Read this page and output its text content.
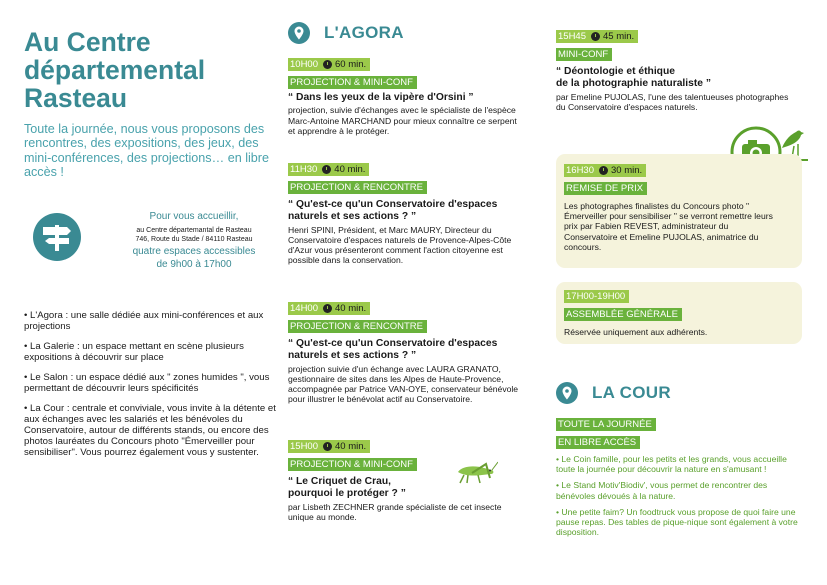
Au Centre
départemental
Rasteau
Toute la journée, nous vous proposons des rencontres, des expositions, des jeux, des mini-conférences, des projections… en libre accès !
Pour vous accueillir,
au Centre départemantal de Rasteau
746, Route du Stade / 84110 Rasteau
quatre espaces accessibles
de 9h00 à 17h00
• L'Agora : une salle dédiée aux mini-conférences et aux projections
• La Galerie : un espace mettant en scène plusieurs expositions à découvrir sur place
• Le Salon : un espace dédié aux " zones humides ", vous permettant de découvrir leurs spécificités
• La Cour : centrale et conviviale, vous invite à la détente et aux échanges avec les salariés et les bénévoles du Conservatoire, autour de différents stands, ou encore des photos lauréates du Concours photo "Émerveiller pour sensibiliser". Vous pourrez également vous y sustenter.
L'AGORA
10H00 60 min.

PROJECTION & MINI-CONF
“ Dans les yeux de la vipère d'Orsini ”
projection, suivie d'échanges avec le spécialiste de l'espèce Marc-Antoine MARCHAND pour mieux connaître ce serpent et apprendre à le protéger.
11H30 40 min.

PROJECTION & RENCONTRE
“ Qu'est-ce qu'un Conservatoire d'espaces naturels et ses actions ? ”
Henri SPINI, Président, et Marc MAURY, Directeur du Conservatoire d'espaces naturels de Provence-Alpes-Côte d'Azur vous présenteront comment l'action citoyenne est possible dans la conservation.
14H00 40 min.

PROJECTION & RENCONTRE
“ Qu'est-ce qu'un Conservatoire d'espaces naturels et ses actions ? ”
projection suivie d'un échange avec LAURA GRANATO, gestionnaire de sites dans les Alpes de Haute-Provence, accompagnée par Patrice VAN-OYE, conservateur bénévole pour illustrer le bénévolat actif au Conservatoire.
15H00 40 min.

PROJECTION & MINI-CONF
“ Le Criquet de Crau,
pourquoi le protéger ? ”
par Lisbeth ZECHNER grande spécialiste de cet insecte unique au monde.
15H45 45 min.

MINI-CONF
“ Déontologie et éthique
de la photographie naturaliste ”
par Emeline PUJOLAS, l'une des talentueuses photographes du Conservatoire d'espaces naturels.
16H30 30 min.

REMISE DE PRIX
Les photographes finalistes du Concours photo " Émerveiller pour sensibiliser " se verront remettre leurs prix par Fabien REVEST, administrateur du Conservatoire et Emeline PUJOLAS, animatrice du concours.
17H00-19H00

ASSEMBLÉE GÉNÉRALE
Réservée uniquement aux adhérents.
LA COUR
TOUTE LA JOURNÉE
EN LIBRE ACCÈS
• Le Coin famille, pour les petits et les grands, vous accueille toute la journée pour découvrir la nature en s'amusant !
• Le Stand Motiv'Biodiv', vous permet de rencontrer des bénévoles dévoués à la nature.
• Une petite faim? Un foodtruck vous propose de quoi faire une pause repas. Des tables de pique-nique sont également à votre disposition.
